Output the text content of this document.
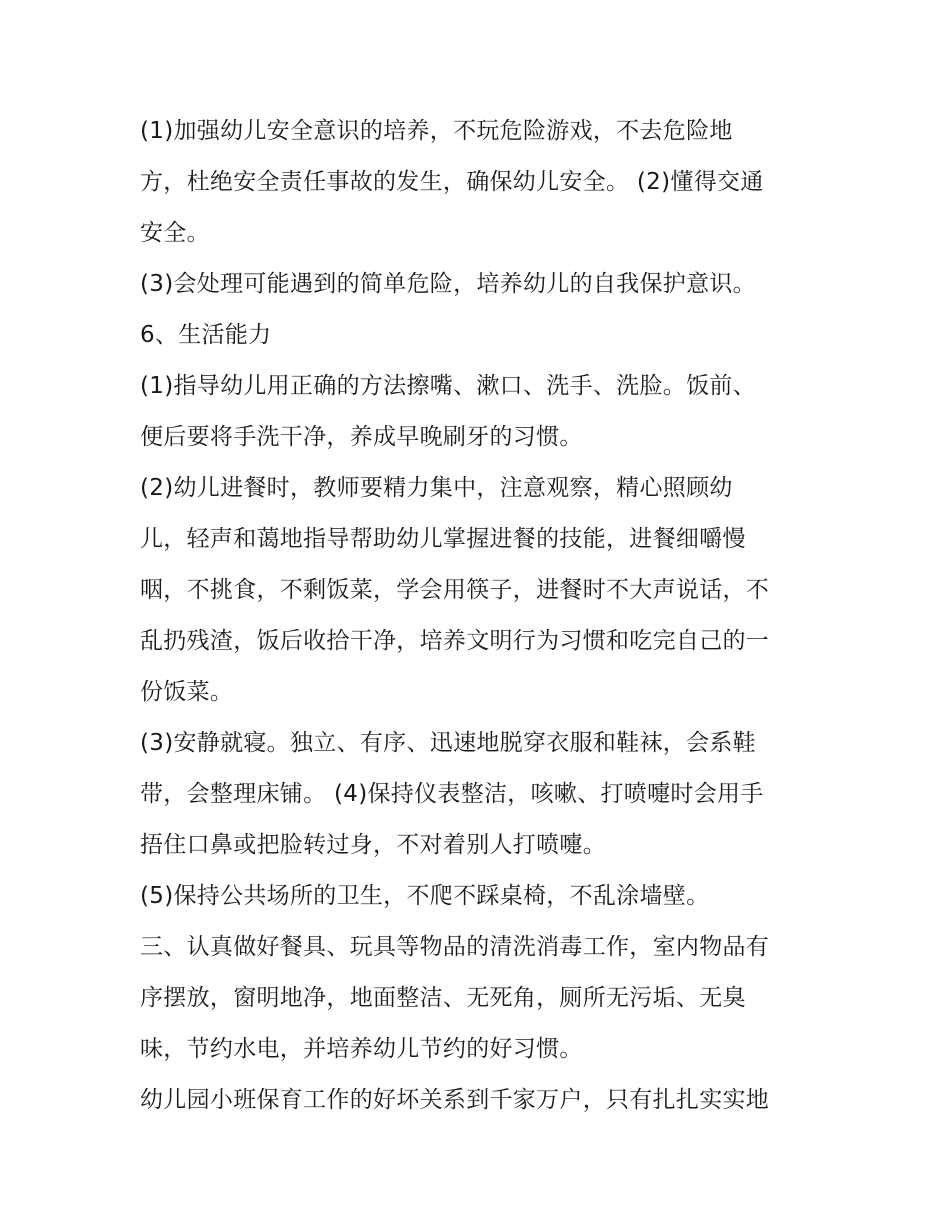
(1)加强幼儿安全意识的培养，不玩危险游戏，不去危险地
方，杜绝安全责任事故的发生，确保幼儿安全。 (2)懂得交通
安全。
(3)会处理可能遇到的简单危险，培养幼儿的自我保护意识。
6、生活能力
(1)指导幼儿用正确的方法擦嘴、漱口、洗手、洗脸。饭前、
便后要将手洗干净，养成早晚刷牙的习惯。
(2)幼儿进餐时，教师要精力集中，注意观察，精心照顾幼
儿，轻声和蔼地指导帮助幼儿掌握进餐的技能，进餐细嚼慢
咽，不挑食，不剩饭菜，学会用筷子，进餐时不大声说话，不
乱扔残渣，饭后收拾干净，培养文明行为习惯和吃完自己的一
份饭菜。
(3)安静就寝。独立、有序、迅速地脱穿衣服和鞋袜，会系鞋
带，会整理床铺。 (4)保持仪表整洁，咳嗽、打喷嚏时会用手
捂住口鼻或把脸转过身，不对着别人打喷嚏。
(5)保持公共场所的卫生，不爬不踩桌椅，不乱涂墙壁。
三、认真做好餐具、玩具等物品的清洗消毒工作，室内物品有
序摆放，窗明地净，地面整洁、无死角，厕所无污垢、无臭
味，节约水电，并培养幼儿节约的好习惯。
幼儿园小班保育工作的好坏关系到千家万户，只有扎扎实实地
